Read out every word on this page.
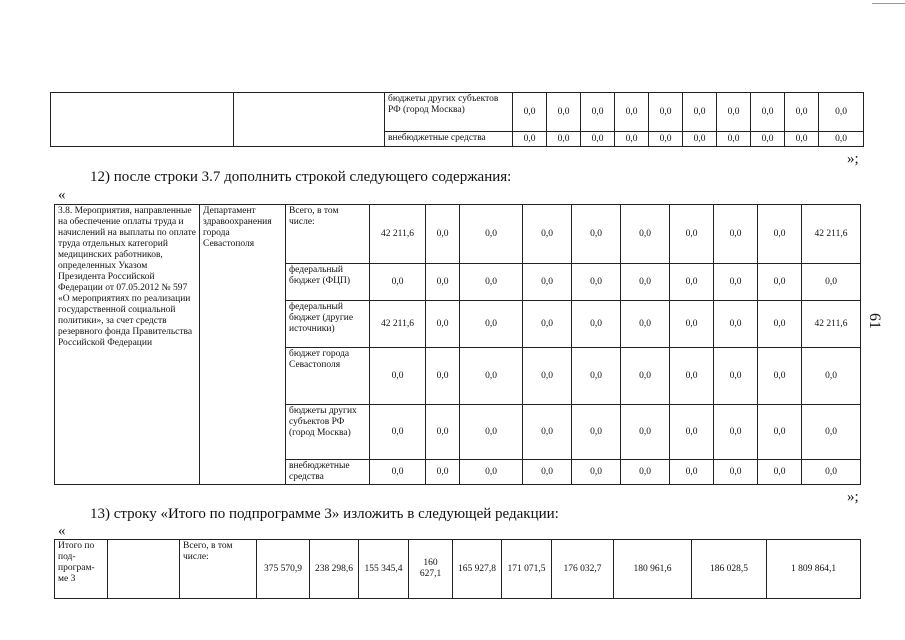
		бюджеты других субъектов РФ (город Москва)	0,0	0,0	0,0	0,0	0,0	0,0	0,0	0,0	0,0	0,0
		внебюджетные средства	0,0	0,0	0,0	0,0	0,0	0,0	0,0	0,0	0,0	0,0
»;
12) после строки 3.7 дополнить строкой следующего содержания:
«
3.8. Мероприятия, направленные на обеспечение оплаты труда и начислений на выплаты по оплате труда отдельных категорий медицинских работников, определенных Указом Президента Российской Федерации от 07.05.2012 № 597 «О мероприятиях по реализации государственной социальной политики», за счет средств резервного фонда Правительства Российской Федерации	Департамент здравоохранения города Севастополя	Всего, в том числе:	42 211,6	0,0	0,0	0,0	0,0	0,0	0,0	0,0	0,0	42 211,6
		федеральный бюджет (ФЦП)	0,0	0,0	0,0	0,0	0,0	0,0	0,0	0,0	0,0	0,0
		федеральный бюджет (другие источники)	42 211,6	0,0	0,0	0,0	0,0	0,0	0,0	0,0	0,0	42 211,6
		бюджет города Севастополя	0,0	0,0	0,0	0,0	0,0	0,0	0,0	0,0	0,0	0,0
		бюджеты других субъектов РФ (город Москва)	0,0	0,0	0,0	0,0	0,0	0,0	0,0	0,0	0,0	0,0
		внебюджетные средства	0,0	0,0	0,0	0,0	0,0	0,0	0,0	0,0	0,0	0,0
»;
13) строку «Итого по подпрограмме 3» изложить в следующей редакции:
«
Итого по под-програм-ме 3		Всего, в том числе:	375 570,9	238 298,6	155 345,4	160 627,1	165 927,8	171 071,5	176 032,7	180 961,6	186 028,5	1 809 864,1
61
